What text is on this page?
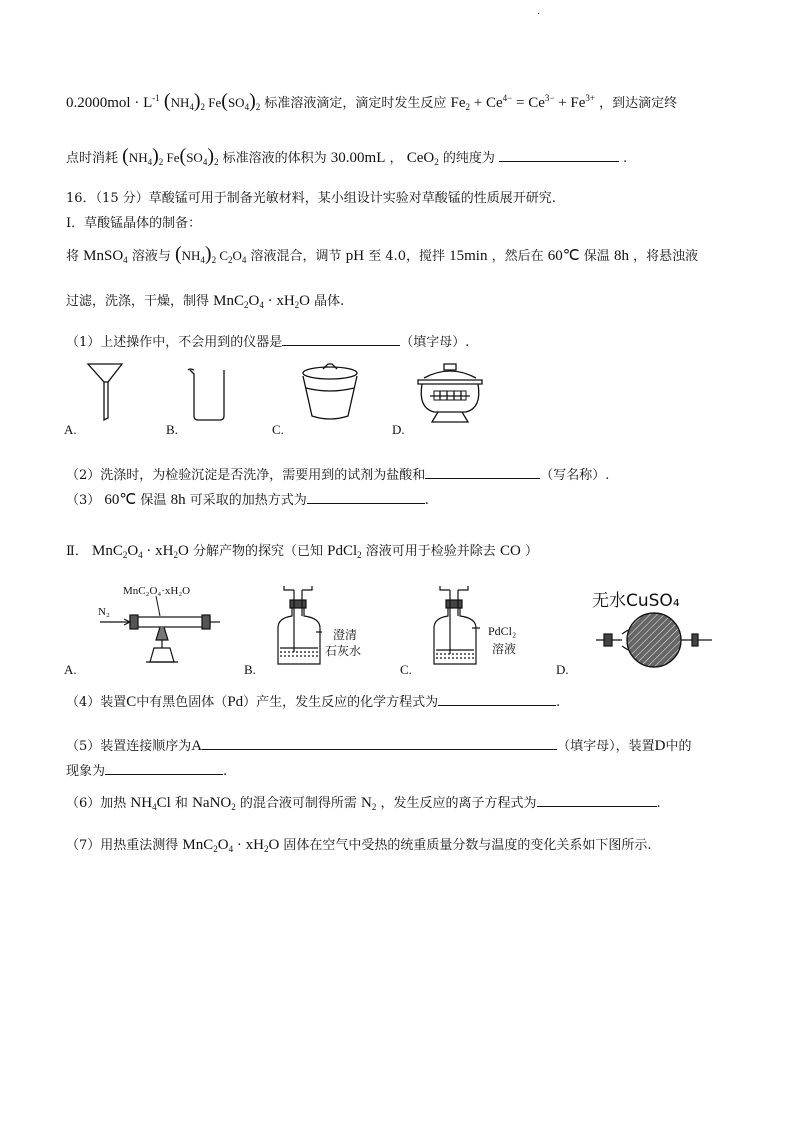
.
$0.2000mol \cdot L^{-1}$ $(NH_4)_2$ $Fe(SO_4)_2$ 标准溶液滴定，滴定时发生反应 $Fe_2 + Ce^{4-} = Ce^{3-} + Fe^{3+}$ ，到达滴定终
点时消耗 $(NH_4)_2$ $Fe(SO_4)_2$ 标准溶液的体积为 30.00mL ， CeO$_2$ 的纯度为	.
16．（15 分）草酸锰可用于制备光敏材料，某小组设计实验对草酸锰的性质展开研究.
Ⅰ．草酸锰晶体的制备：
将 MnSO$_4$ 溶液与 $(NH_4)_2$ $C_2O_4$ 溶液混合，调节 pH 至 4.0，搅拌 15min ，然后在 60℃ 保温 8h ，将悬浊液
过滤，洗涤，干燥，制得 $MnC_2O_4 \cdot xH_2O$ 晶体.
（1）上述操作中，不会用到的仪器是	（填字母）.
A.	B.	C.	D.
（2）洗涤时，为检验沉淀是否洗净，需要用到的试剂为盐酸和	（写名称）.
（3） 60℃ 保温 8h 可采取的加热方式为	.
Ⅱ． $MnC_2O_4 \cdot xH_2O$ 分解产物的探究（已知 PdCl$_2$ 溶液可用于检验并除去 CO ）
MnC₂O₄·xH₂O
N₂
澄清
石灰水
PdCl₂
溶液
无水CuSO₄
A.	B.	C.	D.
（4）装置C中有黑色固体（Pd）产生，发生反应的化学方程式为	.
（5）装置连接顺序为A	（填字母），装置D中的
现象为	.
（6）加热 $NH_4Cl$ 和 NaNO$_2$ 的混合液可制得所需 $N_2$ ，发生反应的离子方程式为	.
（7）用热重法测得 $MnC_2O_4 \cdot xH_2O$ 固体在空气中受热的统重质量分数与温度的变化关系如下图所示.
